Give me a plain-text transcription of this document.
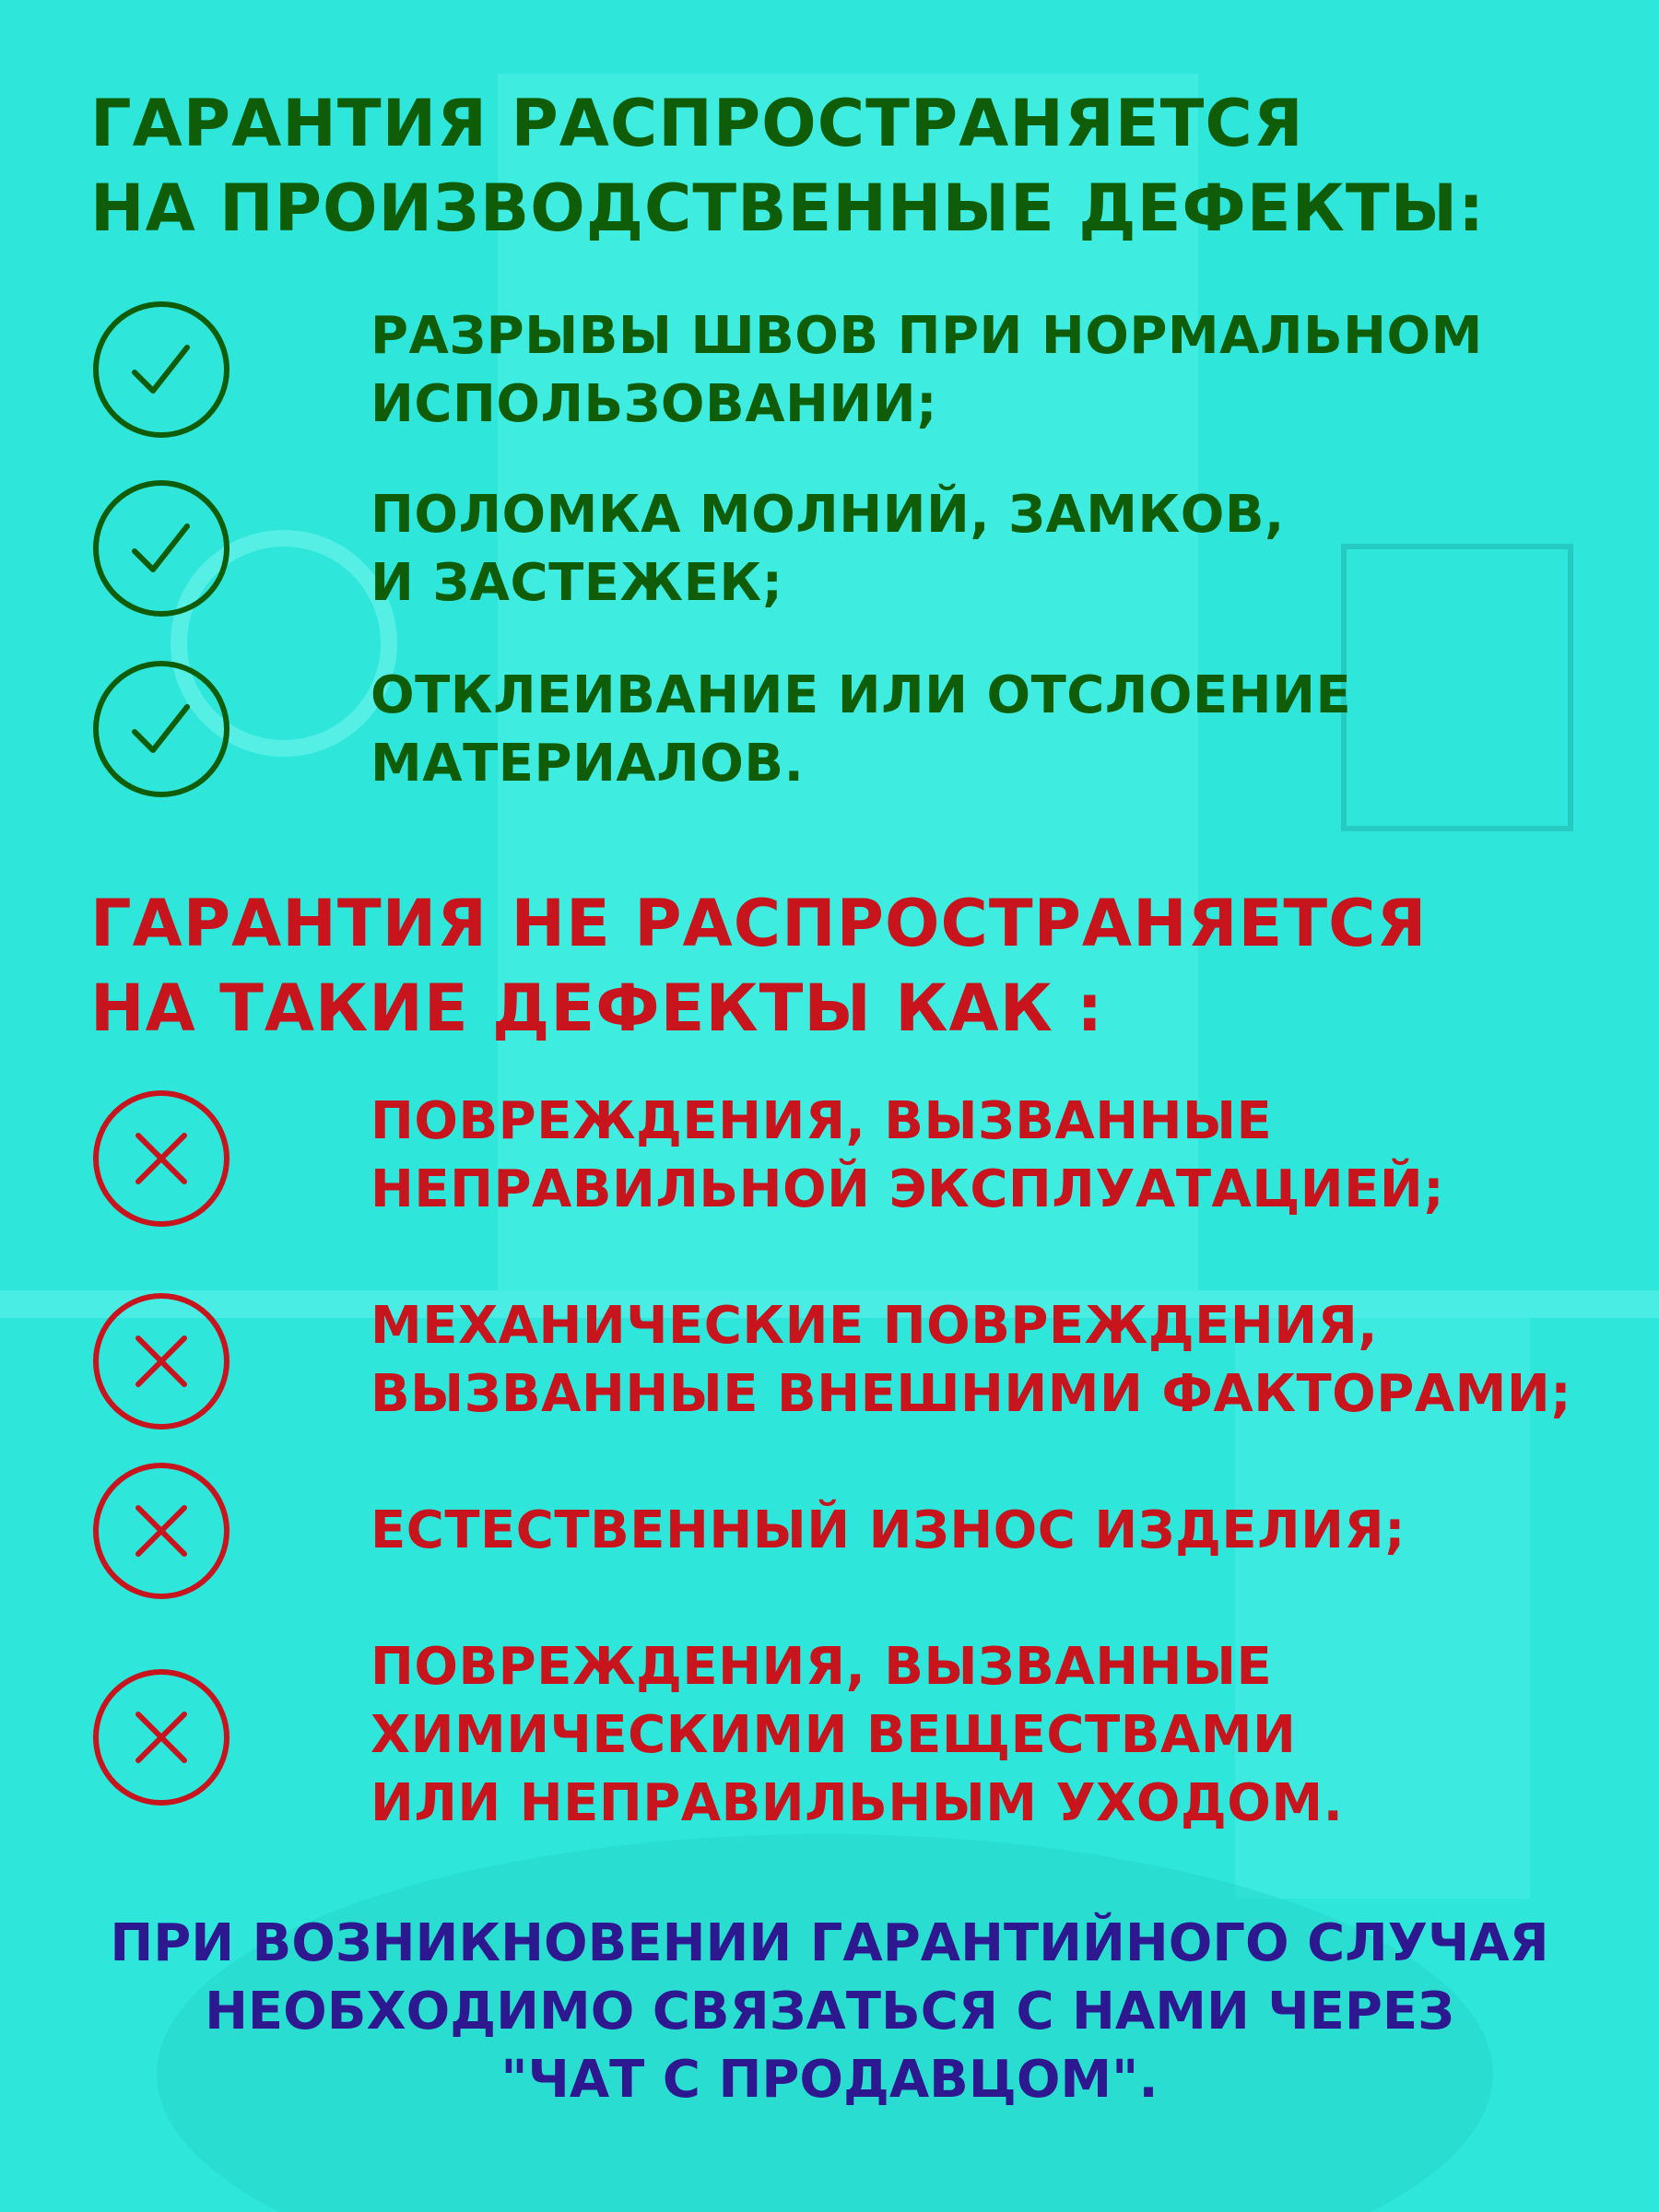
ГАРАНТИЯ РАСПРОСТРАНЯЕТСЯ
НА ПРОИЗВОДСТВЕННЫЕ ДЕФЕКТЫ:

РАЗРЫВЫ ШВОВ ПРИ НОРМАЛЬНОМ
ИСПОЛЬЗОВАНИИ;

ПОЛОМКА МОЛНИЙ, ЗАМКОВ,
И ЗАСТЕЖЕК;

ОТКЛЕИВАНИЕ ИЛИ ОТСЛОЕНИЕ
МАТЕРИАЛОВ.

ГАРАНТИЯ НЕ РАСПРОСТРАНЯЕТСЯ
НА ТАКИЕ ДЕФЕКТЫ КАК :

ПОВРЕЖДЕНИЯ, ВЫЗВАННЫЕ
НЕПРАВИЛЬНОЙ ЭКСПЛУАТАЦИЕЙ;

МЕХАНИЧЕСКИЕ ПОВРЕЖДЕНИЯ,
ВЫЗВАННЫЕ ВНЕШНИМИ ФАКТОРАМИ;

ЕСТЕСТВЕННЫЙ ИЗНОС ИЗДЕЛИЯ;

ПОВРЕЖДЕНИЯ, ВЫЗВАННЫЕ
ХИМИЧЕСКИМИ ВЕЩЕСТВАМИ
ИЛИ НЕПРАВИЛЬНЫМ УХОДОМ.

ПРИ ВОЗНИКНОВЕНИИ ГАРАНТИЙНОГО СЛУЧАЯ
НЕОБХОДИМО СВЯЗАТЬСЯ С НАМИ ЧЕРЕЗ
"ЧАТ С ПРОДАВЦОМ".
